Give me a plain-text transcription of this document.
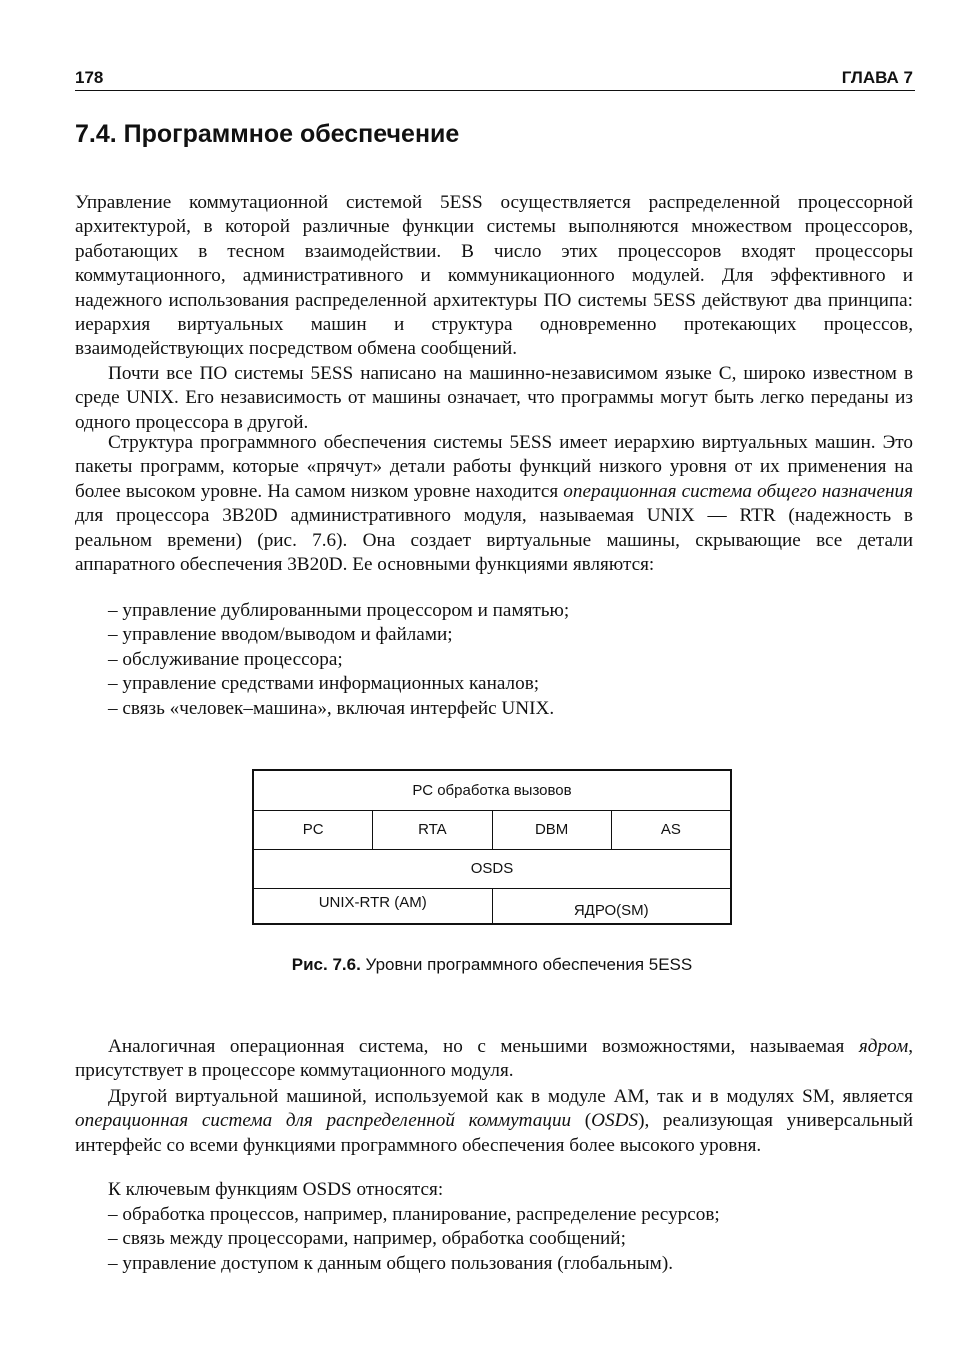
178	ГЛАВА 7
7.4. Программное обеспечение

Управление коммутационной системой 5ESS осуществляется распределенной процессорной архитектурой, в которой различные функции системы выполняются множеством процессоров, работающих в тесном взаимодействии. В число этих процессоров входят процессоры коммутационного, административного и коммуникационного модулей. Для эффективного и надежного использования распределенной архитектуры ПО системы 5ESS действуют два принципа: иерархия виртуальных машин и структура одновременно протекающих процессов, взаимодействующих посредством обмена сообщений.

Почти все ПО системы 5ESS написано на машинно-независимом языке С, широко известном в среде UNIX. Его независимость от машины означает, что программы могут быть легко переданы из одного процессора в другой.

Структура программного обеспечения системы 5ESS имеет иерархию виртуальных машин. Это пакеты программ, которые «прячут» детали работы функций низкого уровня от их применения на более высоком уровне. На самом низком уровне находится операционная система общего назначения для процессора 3B20D административного модуля, называемая UNIX — RTR (надежность в реальном времени) (рис. 7.6). Она создает виртуальные машины, скрывающие все детали аппаратного обеспечения 3B20D. Ее основными функциями являются:

– управление дублированными процессором и памятью;
– управление вводом/выводом и файлами;
– обслуживание процессора;
– управление средствами информационных каналов;
– связь «человек–машина», включая интерфейс UNIX.
РС обработка вызовов
PC	RTA	DBM	AS
OSDS
UNIX-RTR (AM)	ЯДРО(SM)

Рис. 7.6. Уровни программного обеспечения 5ESS

Аналогичная операционная система, но с меньшими возможностями, называемая ядром, присутствует в процессоре коммутационного модуля.

Другой виртуальной машиной, используемой как в модуле AM, так и в модулях SM, является операционная система для распределенной коммутации (OSDS), реализующая универсальный интерфейс со всеми функциями программного обеспечения более высокого уровня.

К ключевым функциям OSDS относятся:

– обработка процессов, например, планирование, распределение ресурсов;
– связь между процессорами, например, обработка сообщений;
– управление доступом к данным общего пользования (глобальным).
